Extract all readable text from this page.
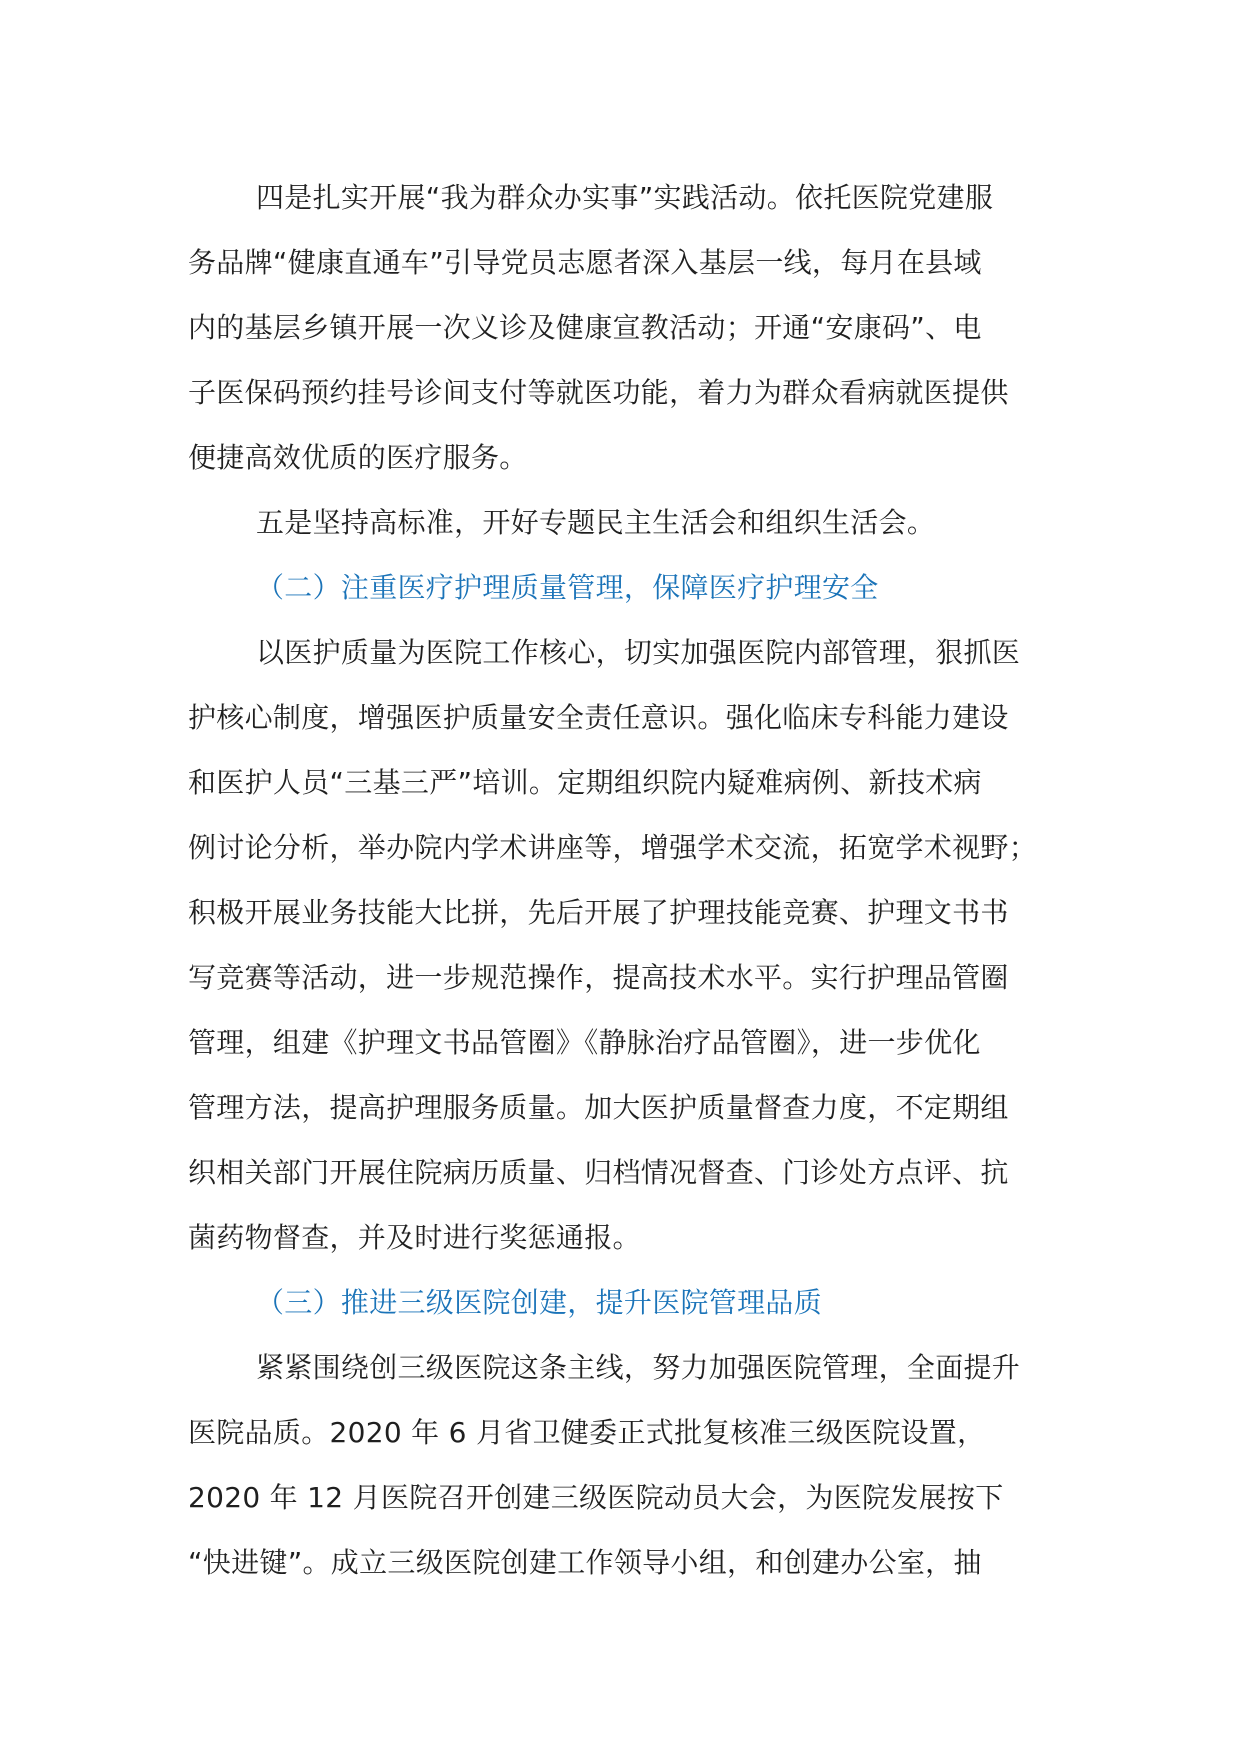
四是扎实开展“我为群众办实事”实践活动。依托医院党建服
务品牌“健康直通车”引导党员志愿者深入基层一线，每月在县域
内的基层乡镇开展一次义诊及健康宣教活动；开通“安康码”、电
子医保码预约挂号诊间支付等就医功能，着力为群众看病就医提供
便捷高效优质的医疗服务。
五是坚持高标准，开好专题民主生活会和组织生活会。
（二）注重医疗护理质量管理，保障医疗护理安全
以医护质量为医院工作核心，切实加强医院内部管理，狠抓医
护核心制度，增强医护质量安全责任意识。强化临床专科能力建设
和医护人员“三基三严”培训。定期组织院内疑难病例、新技术病
例讨论分析，举办院内学术讲座等，增强学术交流，拓宽学术视野；
积极开展业务技能大比拼，先后开展了护理技能竞赛、护理文书书
写竞赛等活动，进一步规范操作，提高技术水平。实行护理品管圈
管理，组建《护理文书品管圈》《静脉治疗品管圈》，进一步优化
管理方法，提高护理服务质量。加大医护质量督查力度，不定期组
织相关部门开展住院病历质量、归档情况督查、门诊处方点评、抗
菌药物督查，并及时进行奖惩通报。
（三）推进三级医院创建，提升医院管理品质
紧紧围绕创三级医院这条主线，努力加强医院管理，全面提升
医院品质。2020 年 6 月省卫健委正式批复核准三级医院设置，
2020 年 12 月医院召开创建三级医院动员大会，为医院发展按下
“快进键”。成立三级医院创建工作领导小组，和创建办公室，抽
